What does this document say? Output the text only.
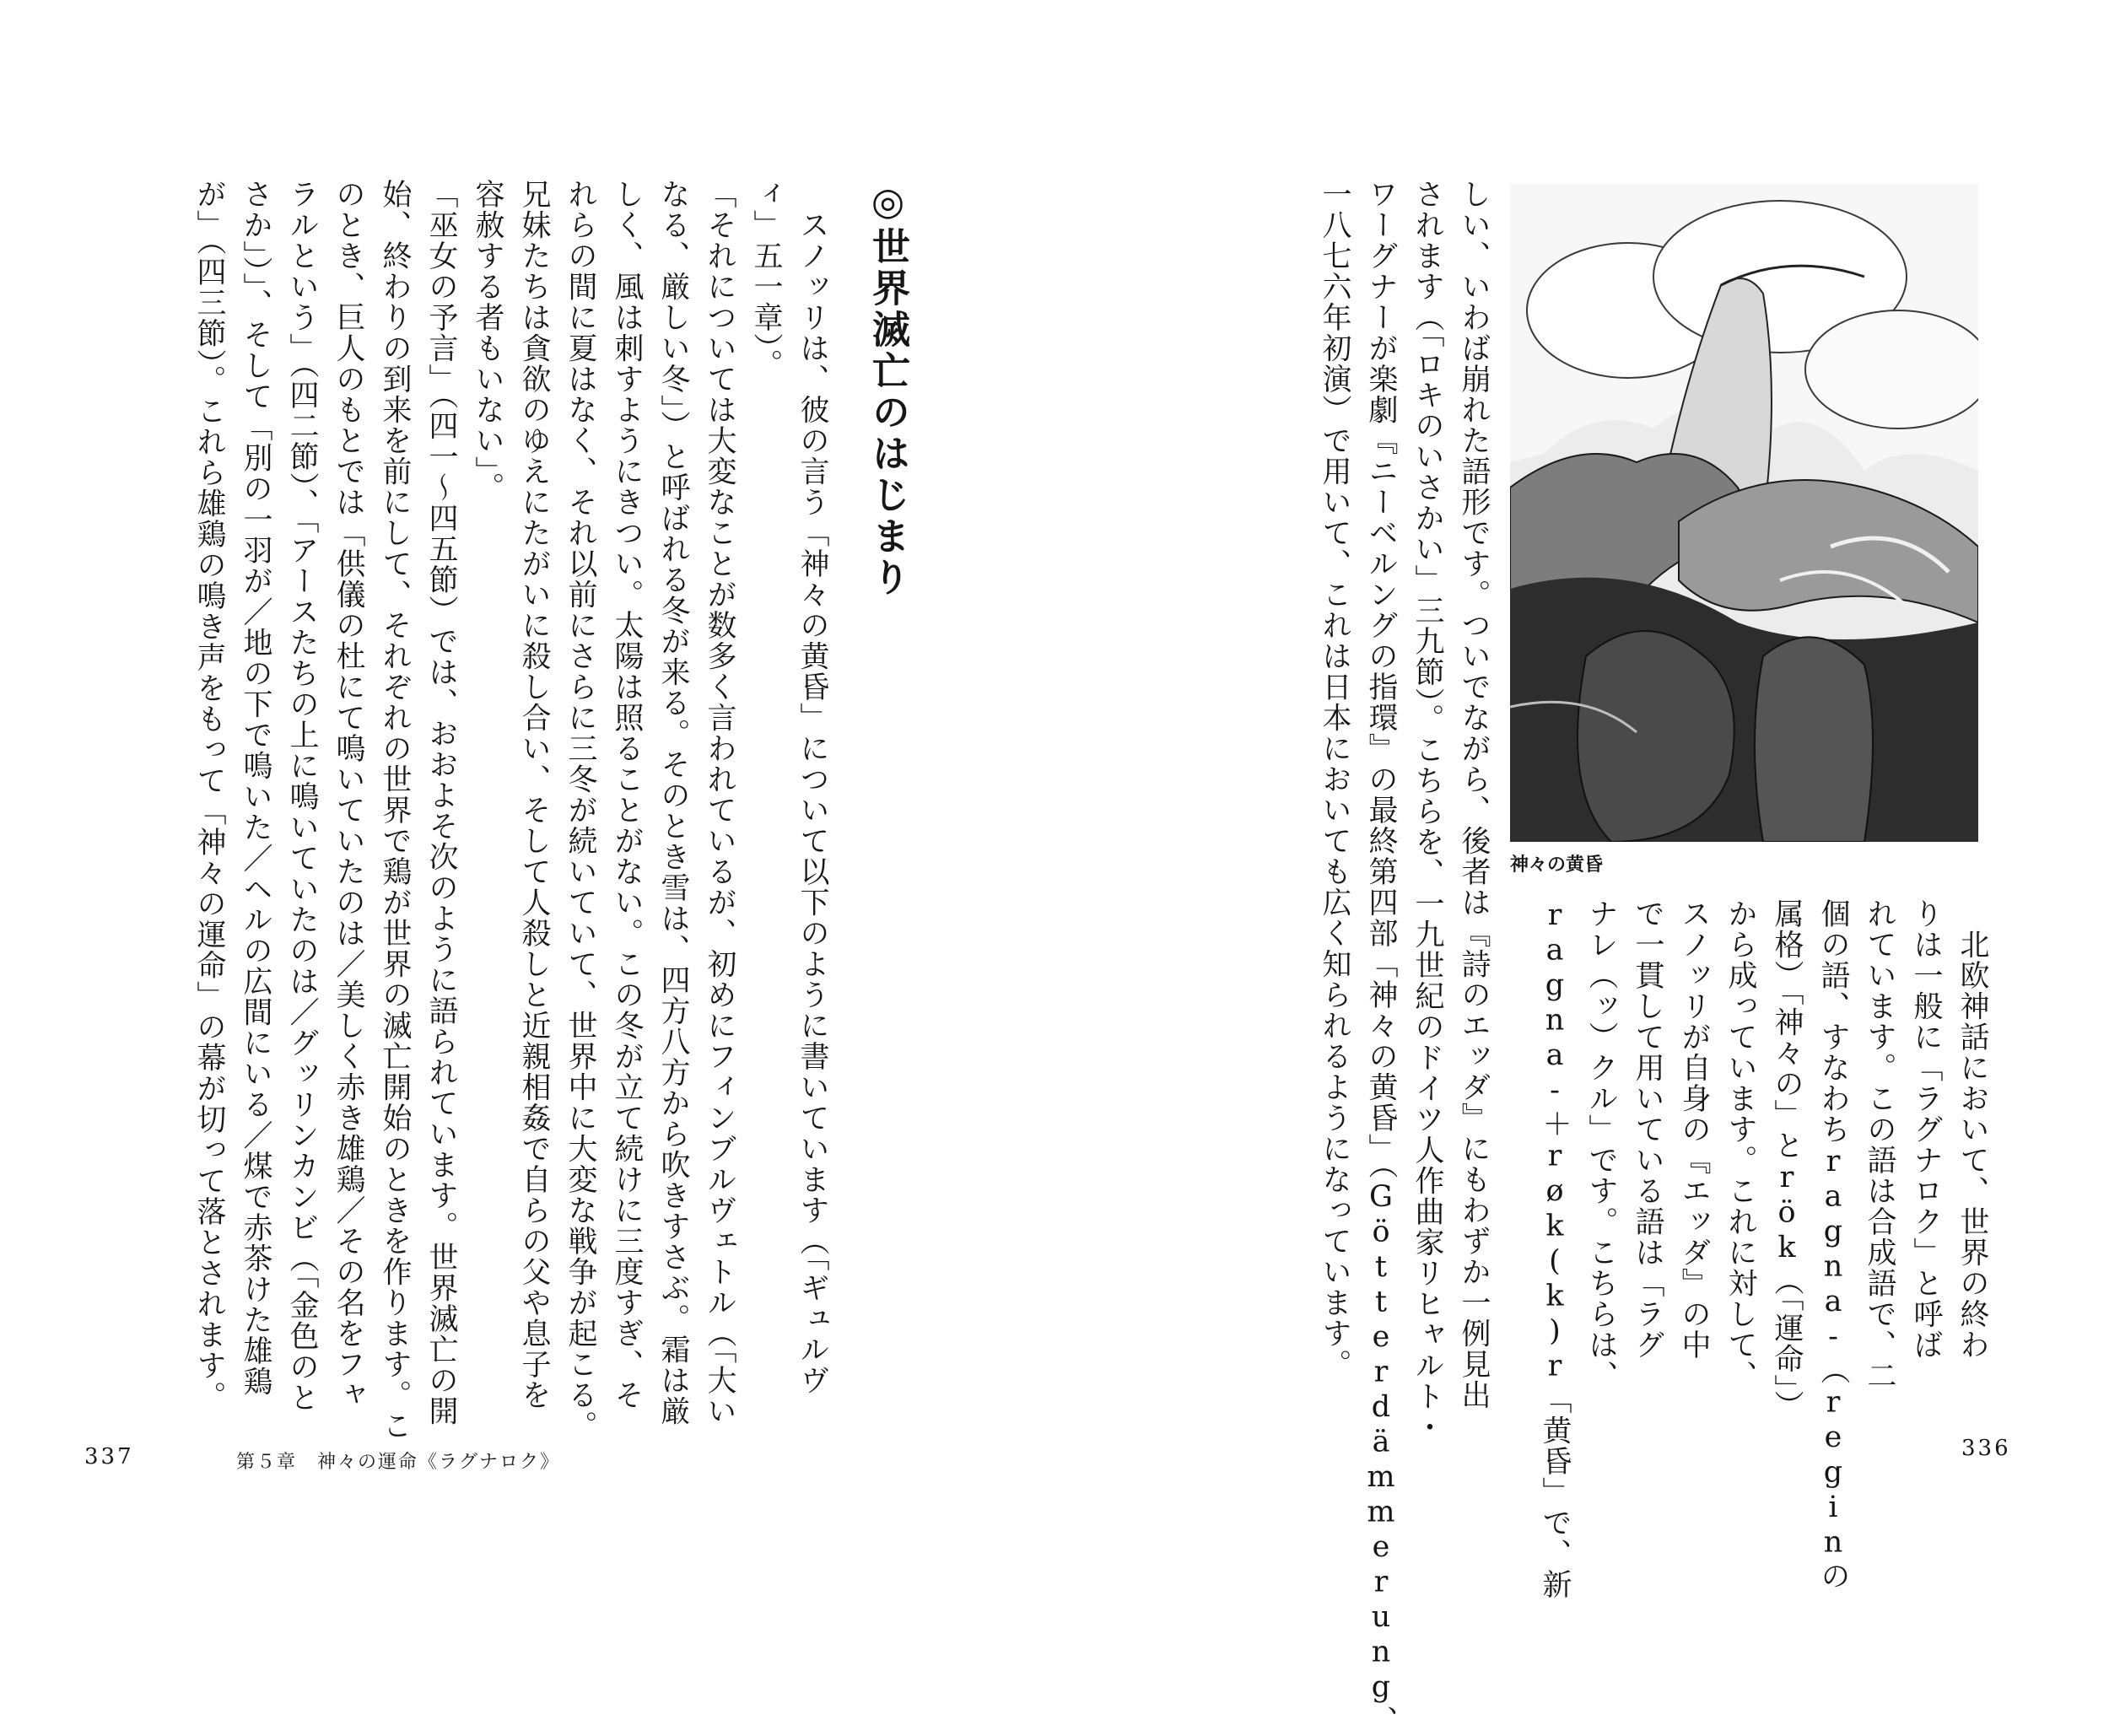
◎世界滅亡のはじまり
　スノッリは、彼の言う「神々の黄昏」について以下のように書いています（「ギュルヴ
ィ」五一章）。
「それについては大変なことが数多く言われているが、初めにフィンブルヴェトル（「大い
なる、厳しい冬」）と呼ばれる冬が来る。そのとき雪は、四方八方から吹きすさぶ。霜は厳
しく、風は刺すようにきつい。太陽は照ることがない。この冬が立て続けに三度すぎ、そ
れらの間に夏はなく、それ以前にさらに三冬が続いていて、世界中に大変な戦争が起こる。
兄妹たちは貪欲のゆえにたがいに殺し合い、そして人殺しと近親相姦で自らの父や息子を
容赦する者もいない」。
「巫女の予言」（四一〜四五節）では、おおよそ次のように語られています。世界滅亡の開
始、終わりの到来を前にして、それぞれの世界で鶏が世界の滅亡開始のときを作ります。こ
のとき、巨人のもとでは「供儀の杜にて鳴いていたのは／美しく赤き雄鶏／その名をフャ
ラルという」（四二節）、「アースたちの上に鳴いていたのは／グッリンカンビ（「金色のと
さか」）」、そして「別の一羽が／地の下で鳴いた／ヘルの広間にいる／煤で赤茶けた雄鶏
が」（四三節）。これら雄鶏の鳴き声をもって「神々の運命」の幕が切って落とされます。
337	第５章　神々の運命《ラグナロク》
神々の黄昏
しい、いわば崩れた語形です。ついでながら、後者は『詩のエッダ』にもわずか一例見出
されます（「ロキのいさかい」三九節）。こちらを、一九世紀のドイツ人作曲家リヒャルト・
ワーグナーが楽劇『ニーベルングの指環』の最終第四部「神々の黄昏」（Götterdämmerung、
一八七六年初演）で用いて、これは日本においても広く知られるようになっています。	　北欧神話において、世界の終わ
りは一般に「ラグナロク」と呼ば
れています。この語は合成語で、二
個の語、すなわちragna-（reginの
属格）「神々の」とrök（「運命」）
から成っています。これに対して、
スノッリが自身の『エッダ』の中
で一貫して用いている語は「ラグ
ナレ（ッ）クル」です。こちらは、
ragna-＋røk(k)r「黄昏」で、新	336
